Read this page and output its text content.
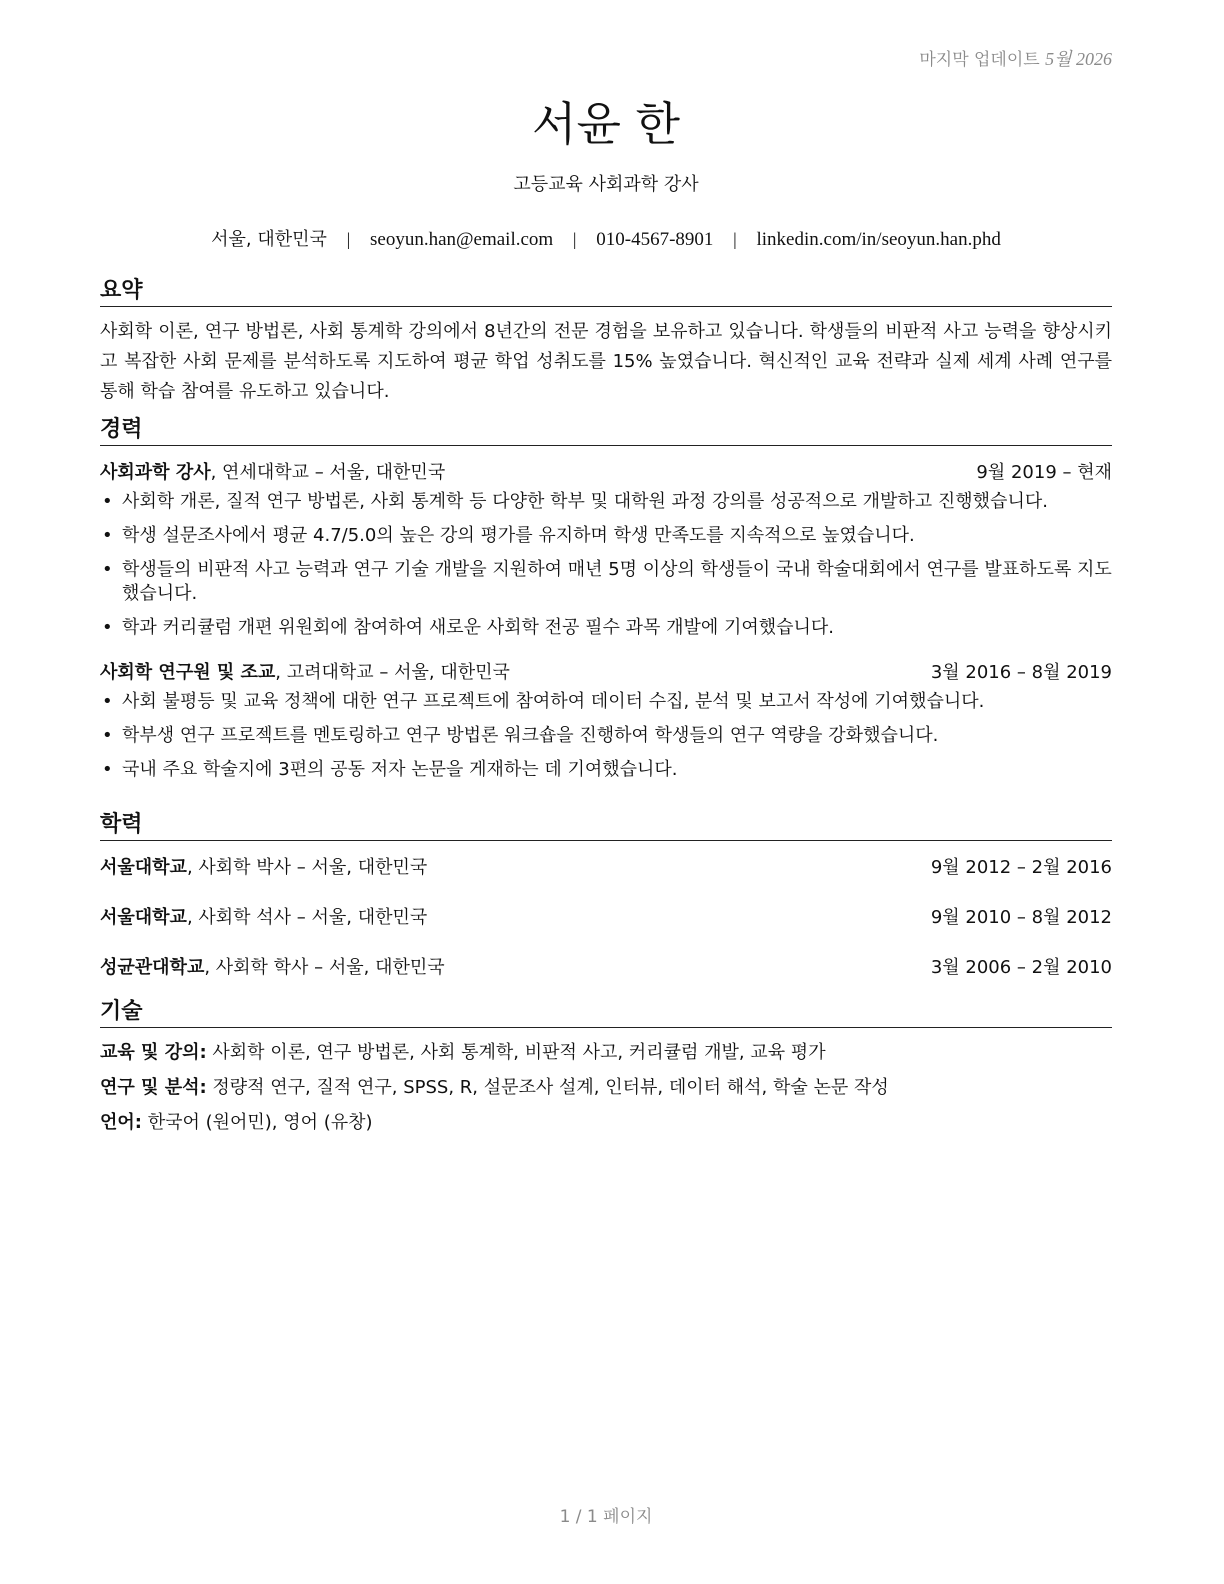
마지막 업데이트 5월 2026
서윤 한
고등교육 사회과학 강사
서울, 대한민국 | seoyun.han@email.com | 010-4567-8901 | linkedin.com/in/seoyun.han.phd
요약

사회학 이론, 연구 방법론, 사회 통계학 강의에서 8년간의 전문 경험을 보유하고 있습니다. 학생들의 비판적 사고 능력을 향상시키고 복잡한 사회 문제를 분석하도록 지도하여 평균 학업 성취도를 15% 높였습니다. 혁신적인 교육 전략과 실제 세계 사례 연구를 통해 학습 참여를 유도하고 있습니다.

경력
사회과학 강사, 연세대학교 – 서울, 대한민국	9월 2019 – 현재
• 사회학 개론, 질적 연구 방법론, 사회 통계학 등 다양한 학부 및 대학원 과정 강의를 성공적으로 개발하고 진행했습니다.
• 학생 설문조사에서 평균 4.7/5.0의 높은 강의 평가를 유지하며 학생 만족도를 지속적으로 높였습니다.
• 학생들의 비판적 사고 능력과 연구 기술 개발을 지원하여 매년 5명 이상의 학생들이 국내 학술대회에서 연구를 발표하도록 지도했습니다.
• 학과 커리큘럼 개편 위원회에 참여하여 새로운 사회학 전공 필수 과목 개발에 기여했습니다.
사회학 연구원 및 조교, 고려대학교 – 서울, 대한민국	3월 2016 – 8월 2019
• 사회 불평등 및 교육 정책에 대한 연구 프로젝트에 참여하여 데이터 수집, 분석 및 보고서 작성에 기여했습니다.
• 학부생 연구 프로젝트를 멘토링하고 연구 방법론 워크숍을 진행하여 학생들의 연구 역량을 강화했습니다.
• 국내 주요 학술지에 3편의 공동 저자 논문을 게재하는 데 기여했습니다.
학력
서울대학교, 사회학 박사 – 서울, 대한민국	9월 2012 – 2월 2016
서울대학교, 사회학 석사 – 서울, 대한민국	9월 2010 – 8월 2012
성균관대학교, 사회학 학사 – 서울, 대한민국	3월 2006 – 2월 2010
기술
교육 및 강의: 사회학 이론, 연구 방법론, 사회 통계학, 비판적 사고, 커리큘럼 개발, 교육 평가
연구 및 분석: 정량적 연구, 질적 연구, SPSS, R, 설문조사 설계, 인터뷰, 데이터 해석, 학술 논문 작성
언어: 한국어 (원어민), 영어 (유창)
1 / 1 페이지
